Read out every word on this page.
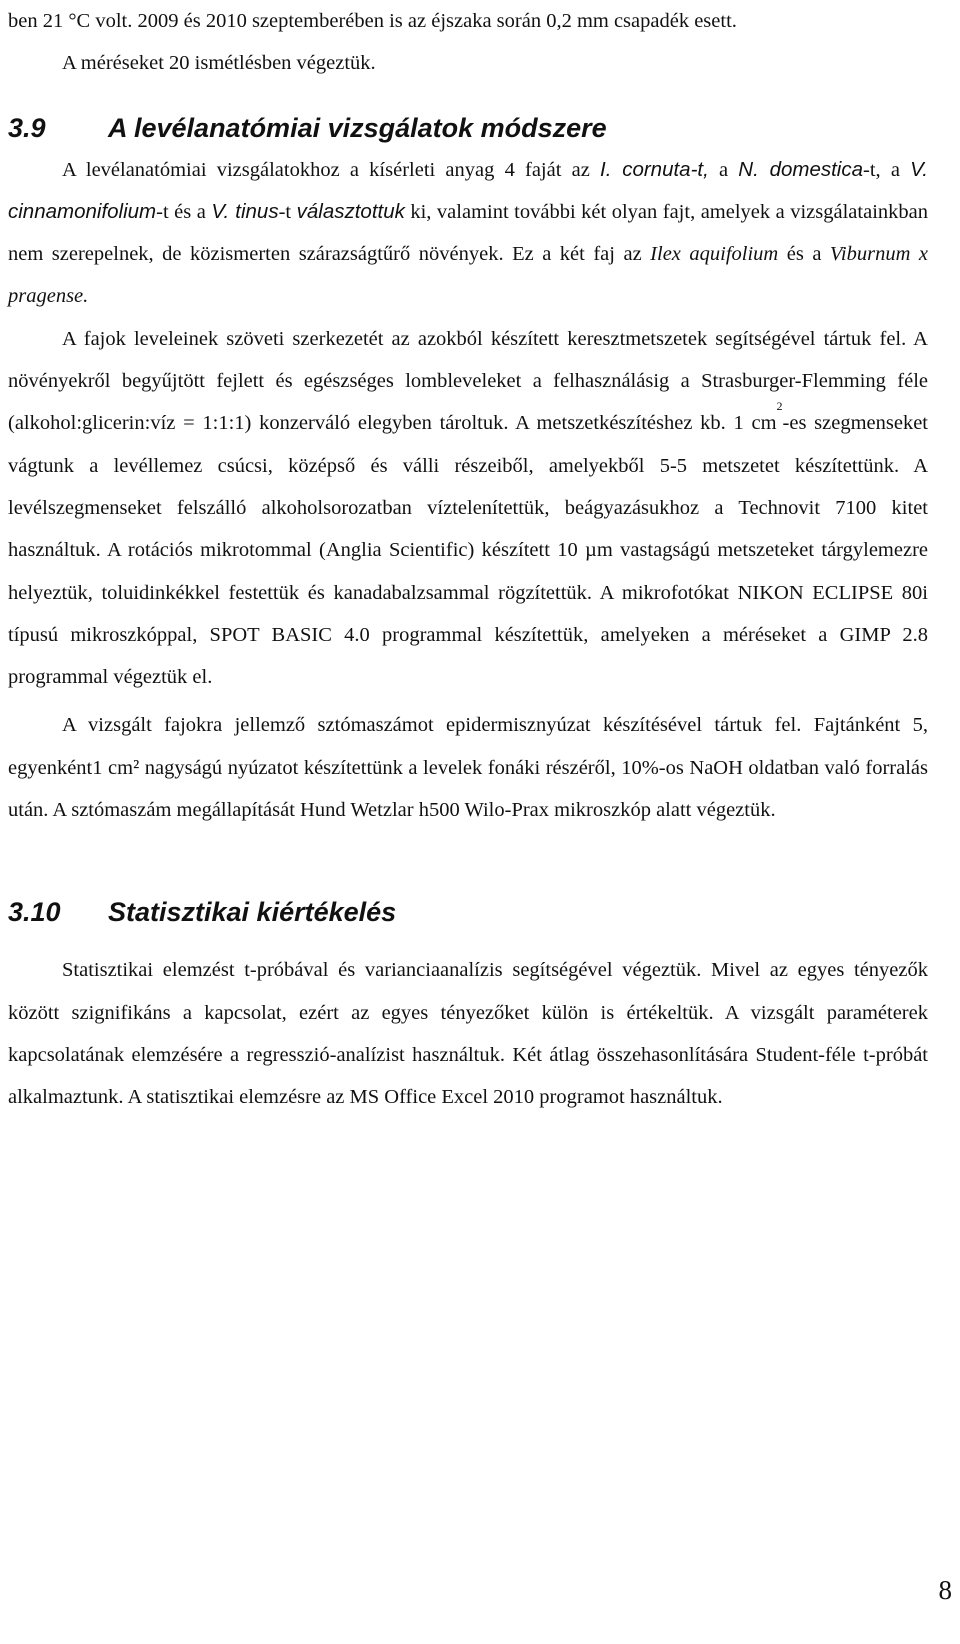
ben 21 °C volt. 2009 és 2010 szeptemberében is az éjszaka során 0,2 mm csapadék esett.

A méréseket 20 ismétlésben végeztük.

3.9 A levélanatómiai vizsgálatok módszere

A levélanatómiai vizsgálatokhoz a kísérleti anyag 4 faját az I. cornuta-t, a N. domestica-t, a V. cinnamonifolium-t és a V. tinus-t választottuk ki, valamint további két olyan fajt, amelyek a vizsgálatainkban nem szerepelnek, de közismerten szárazságtűrő növények. Ez a két faj az Ilex aquifolium és a Viburnum x pragense.

A fajok leveleinek szöveti szerkezetét az azokból készített keresztmetszetek segítségével tártuk fel. A növényekről begyűjtött fejlett és egészséges lombleveleket a felhasználásig a Strasburger-Flemming féle (alkohol:glicerin:víz = 1:1:1) konzerváló elegyben tároltuk. A metszetkészítéshez kb. 1 $cm^2-es$ szegmenseket vágtunk a levéllemez csúcsi, középső és válli részeiből, amelyekből 5-5 metszetet készítettünk. A levélszegmenseket felszálló alkoholsorozatban víztelenítettük, beágyazásukhoz a Technovit 7100 kitet használtuk. A rotációs mikrotommal (Anglia Scientific) készített 10 µm vastagságú metszeteket tárgylemezre helyeztük, toluidinkékkel festettük és kanadabalzsammal rögzítettük. A mikrofotókat NIKON ECLIPSE 80i típusú mikroszkóppal, SPOT BASIC 4.0 programmal készítettük, amelyeken a méréseket a GIMP 2.8 programmal végeztük el.

A vizsgált fajokra jellemző sztómaszámot epidermisznyúzat készítésével tártuk fel. Fajtánként 5, egyenként1 cm² nagyságú nyúzatot készítettünk a levelek fonáki részéről, 10%-os NaOH oldatban való forralás után. A sztómaszám megállapítását Hund Wetzlar h500 Wilo-Prax mikroszkóp alatt végeztük.

3.10 Statisztikai kiértékelés

Statisztikai elemzést t-próbával és varianciaanalízis segítségével végeztük. Mivel az egyes tényezők között szignifikáns a kapcsolat, ezért az egyes tényezőket külön is értékeltük. A vizsgált paraméterek kapcsolatának elemzésére a regresszió-analízist használtuk. Két átlag összehasonlítására Student-féle t-próbát alkalmaztunk. A statisztikai elemzésre az MS Office Excel 2010 programot használtuk.

8
